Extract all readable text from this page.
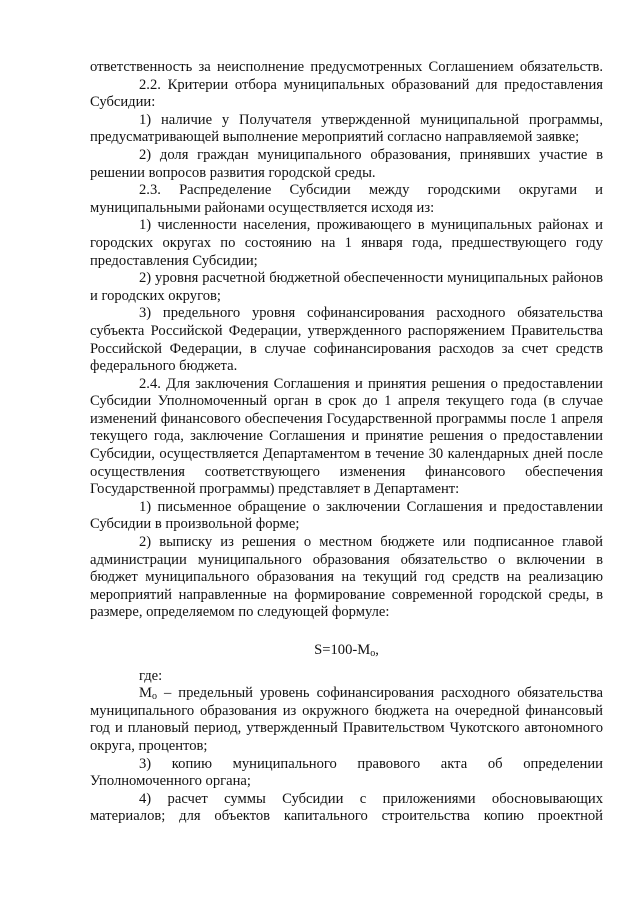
ответственность за неисполнение предусмотренных Соглашением обязательств.

2.2. Критерии отбора муниципальных образований для предоставления Субсидии:

1) наличие у Получателя утвержденной муниципальной программы, предусматривающей выполнение мероприятий согласно направляемой заявке;

2) доля граждан муниципального образования, принявших участие в решении вопросов развития городской среды.

2.3. Распределение Субсидии между городскими округами и муниципальными районами осуществляется исходя из:

1) численности населения, проживающего в муниципальных районах и городских округах по состоянию на 1 января года, предшествующего году предоставления Субсидии;

2) уровня расчетной бюджетной обеспеченности муниципальных районов и городских округов;

3) предельного уровня софинансирования расходного обязательства субъекта Российской Федерации, утвержденного распоряжением Правительства Российской Федерации, в случае софинансирования расходов за счет средств федерального бюджета.

2.4. Для заключения Соглашения и принятия решения о предоставлении Субсидии Уполномоченный орган в срок до 1 апреля текущего года (в случае изменений финансового обеспечения Государственной программы после 1 апреля текущего года, заключение Соглашения и принятие решения о предоставлении Субсидии, осуществляется Департаментом в течение 30 календарных дней после осуществления соответствующего изменения финансового обеспечения Государственной программы) представляет в Департамент:

1) письменное обращение о заключении Соглашения и предоставлении Субсидии в произвольной форме;

2) выписку из решения о местном бюджете или подписанное главой администрации муниципального образования обязательство о включении в бюджет муниципального образования на текущий год средств на реализацию мероприятий направленные на формирование современной городской среды, в размере, определяемом по следующей формуле:

$S=100-M_o$,

где:

$M_o$ – предельный уровень софинансирования расходного обязательства муниципального образования из окружного бюджета на очередной финансовый год и плановый период, утвержденный Правительством Чукотского автономного округа, процентов;

3) копию муниципального правового акта об определении Уполномоченного органа;

4) расчет суммы Субсидии с приложениями обосновывающих материалов; для объектов капитального строительства копию проектной
